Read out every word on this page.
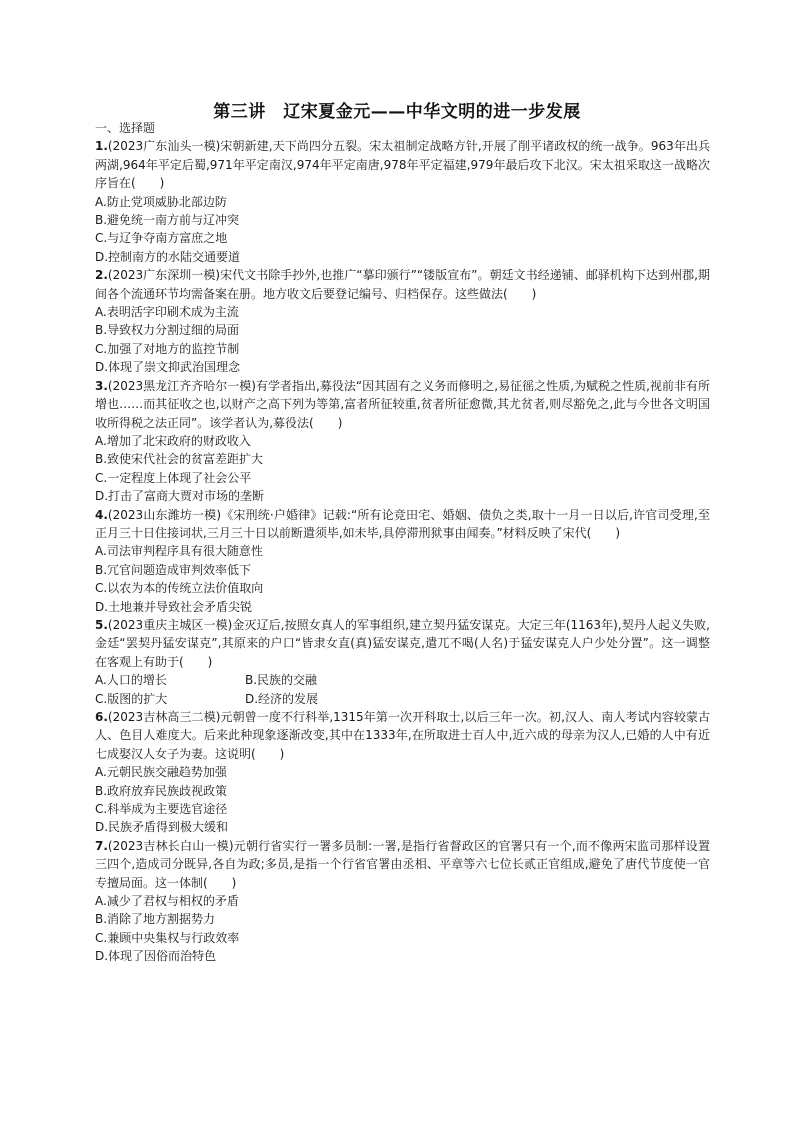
第三讲　辽宋夏金元——中华文明的进一步发展

一、选择题

1.(2023广东汕头一模)宋朝新建,天下尚四分五裂。宋太祖制定战略方针,开展了削平诸政权的统一战争。963年出兵两湖,964年平定后蜀,971年平定南汉,974年平定南唐,978年平定福建,979年最后攻下北汉。宋太祖采取这一战略次序旨在(　　)

A.防止党项威胁北部边防

B.避免统一南方前与辽冲突

C.与辽争夺南方富庶之地

D.控制南方的水陆交通要道

2.(2023广东深圳一模)宋代文书除手抄外,也推广“摹印颁行”“镂版宣布”。朝廷文书经递铺、邮驿机构下达到州郡,期间各个流通环节均需备案在册。地方收文后要登记编号、归档保存。这些做法(　　)

A.表明活字印刷术成为主流

B.导致权力分割过细的局面

C.加强了对地方的监控节制

D.体现了崇文抑武治国理念

3.(2023黑龙江齐齐哈尔一模)有学者指出,募役法“因其固有之义务而修明之,易征徭之性质,为赋税之性质,视前非有所增也……而其征收之也,以财产之高下列为等第,富者所征较重,贫者所征愈微,其尤贫者,则尽豁免之,此与今世各文明国收所得税之法正同”。该学者认为,募役法(　　)

A.增加了北宋政府的财政收入

B.致使宋代社会的贫富差距扩大

C.一定程度上体现了社会公平

D.打击了富商大贾对市场的垄断

4.(2023山东潍坊一模)《宋刑统·户婚律》记载:“所有论竞田宅、婚姻、债负之类,取十一月一日以后,许官司受理,至正月三十日住接词状,三月三十日以前断遣须毕,如未毕,具停滞刑狱事由闻奏。”材料反映了宋代(　　)

A.司法审判程序具有很大随意性

B.冗官问题造成审判效率低下

C.以农为本的传统立法价值取向

D.土地兼并导致社会矛盾尖锐

5.(2023重庆主城区一模)金灭辽后,按照女真人的军事组织,建立契丹猛安谋克。大定三年(1163年),契丹人起义失败,金廷“罢契丹猛安谋克”,其原来的户口“皆隶女直(真)猛安谋克,遣兀不喝(人名)于猛安谋克人户少处分置”。这一调整在客观上有助于(　　)

A.人口的增长	B.民族的交融
C.版图的扩大	D.经济的发展

6.(2023吉林高三二模)元朝曾一度不行科举,1315年第一次开科取士,以后三年一次。初,汉人、南人考试内容较蒙古人、色目人难度大。后来此种现象逐渐改变,其中在1333年,在所取进士百人中,近六成的母亲为汉人,已婚的人中有近七成娶汉人女子为妻。这说明(　　)

A.元朝民族交融趋势加强

B.政府放弃民族歧视政策

C.科举成为主要选官途径

D.民族矛盾得到极大缓和

7.(2023吉林长白山一模)元朝行省实行一署多员制:一署,是指行省督政区的官署只有一个,而不像两宋监司那样设置三四个,造成司分既异,各自为政;多员,是指一个行省官署由丞相、平章等六七位长贰正官组成,避免了唐代节度使一官专擅局面。这一体制(　　)

A.减少了君权与相权的矛盾

B.消除了地方割据势力

C.兼顾中央集权与行政效率

D.体现了因俗而治特色
